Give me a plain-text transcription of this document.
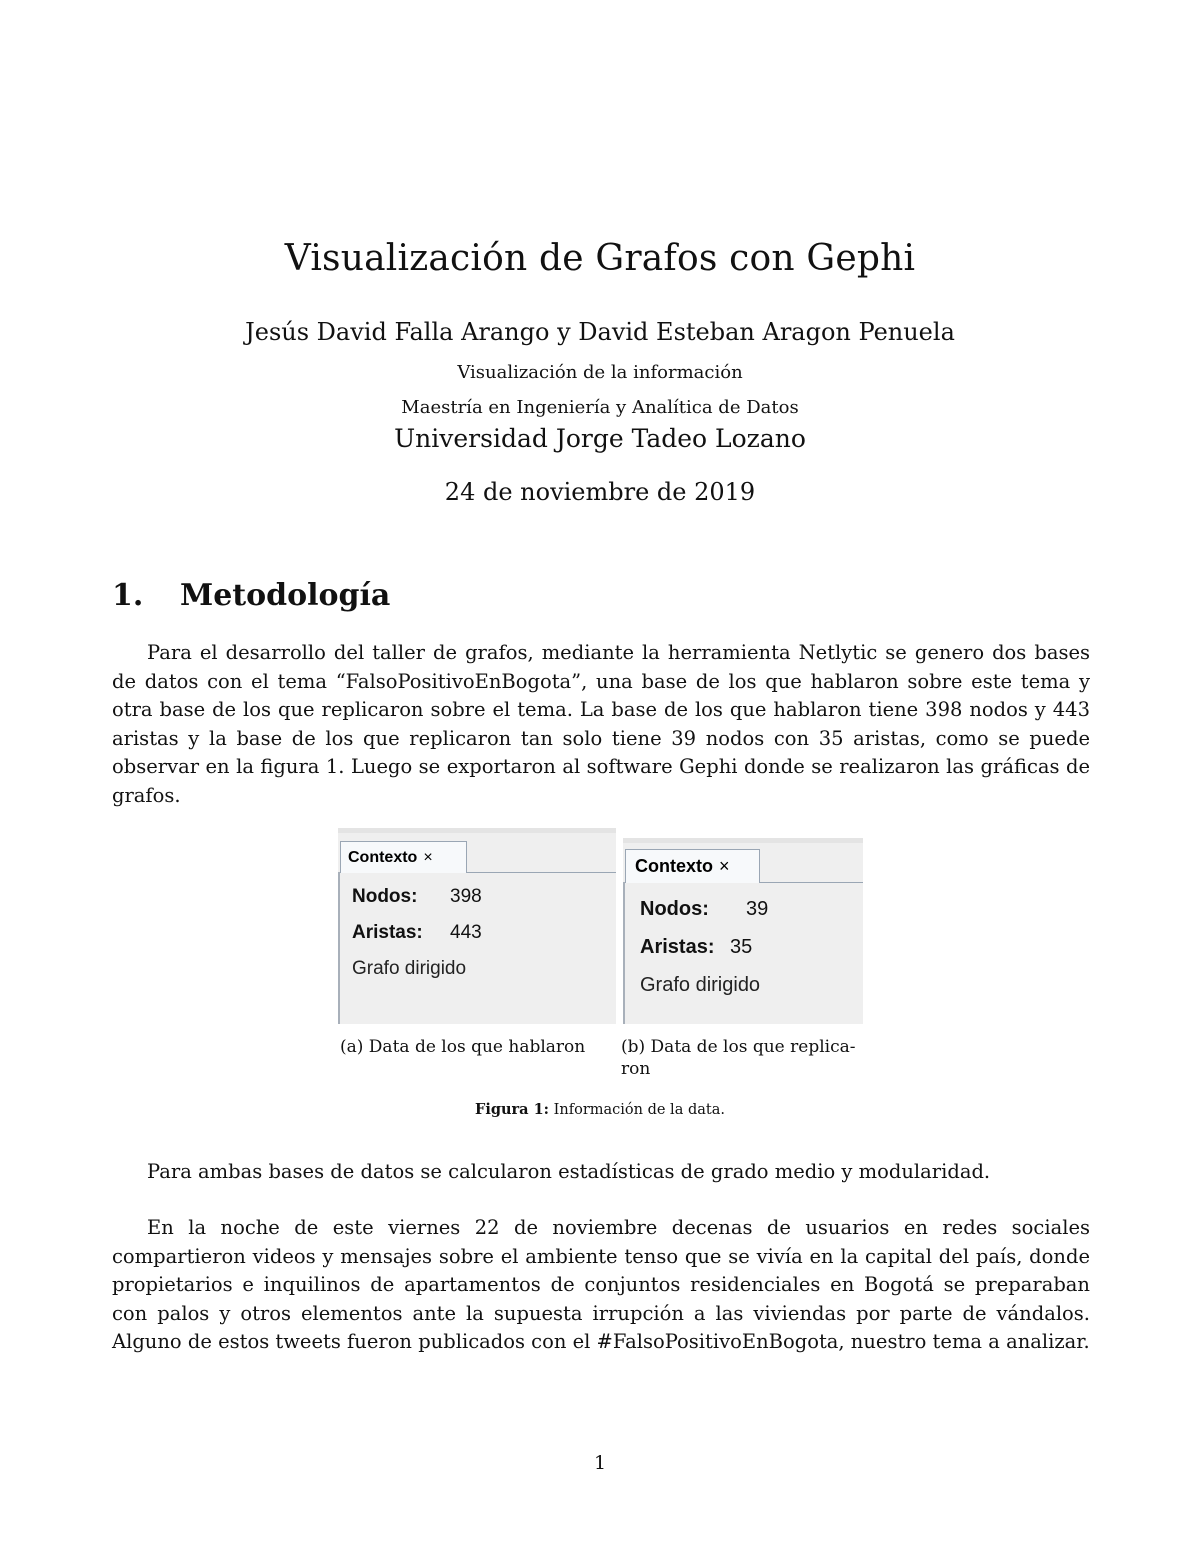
Visualización de Grafos con Gephi
Jesús David Falla Arango y David Esteban Aragon Penuela
Visualización de la información
Maestría en Ingeniería y Analítica de Datos
Universidad Jorge Tadeo Lozano
24 de noviembre de 2019
1. Metodología

Para el desarrollo del taller de grafos, mediante la herramienta Netlytic se genero dos bases de datos con el tema “FalsoPositivoEnBogota”, una base de los que hablaron sobre este tema y otra base de los que replicaron sobre el tema. La base de los que hablaron tiene 398 nodos y 443 aristas y la base de los que replicaron tan solo tiene 39 nodos con 35 aristas, como se puede observar en la figura 1. Luego se exportaron al software Gephi donde se realizaron las gráficas de grafos.

Contexto ×
Nodos: 398
Aristas: 443
Grafo dirigido
Contexto ×
Nodos: 39
Aristas: 35
Grafo dirigido
(a) Data de los que hablaron	(b) Data de los que replica-ron
Figura 1: Información de la data.

Para ambas bases de datos se calcularon estadísticas de grado medio y modularidad.

En la noche de este viernes 22 de noviembre decenas de usuarios en redes sociales compartieron videos y mensajes sobre el ambiente tenso que se vivía en la capital del país, donde propietarios e inquilinos de apartamentos de conjuntos residenciales en Bogotá se preparaban con palos y otros elementos ante la supuesta irrupción a las viviendas por parte de vándalos. Alguno de estos tweets fueron publicados con el #FalsoPositivoEnBogota, nuestro tema a analizar.

1
